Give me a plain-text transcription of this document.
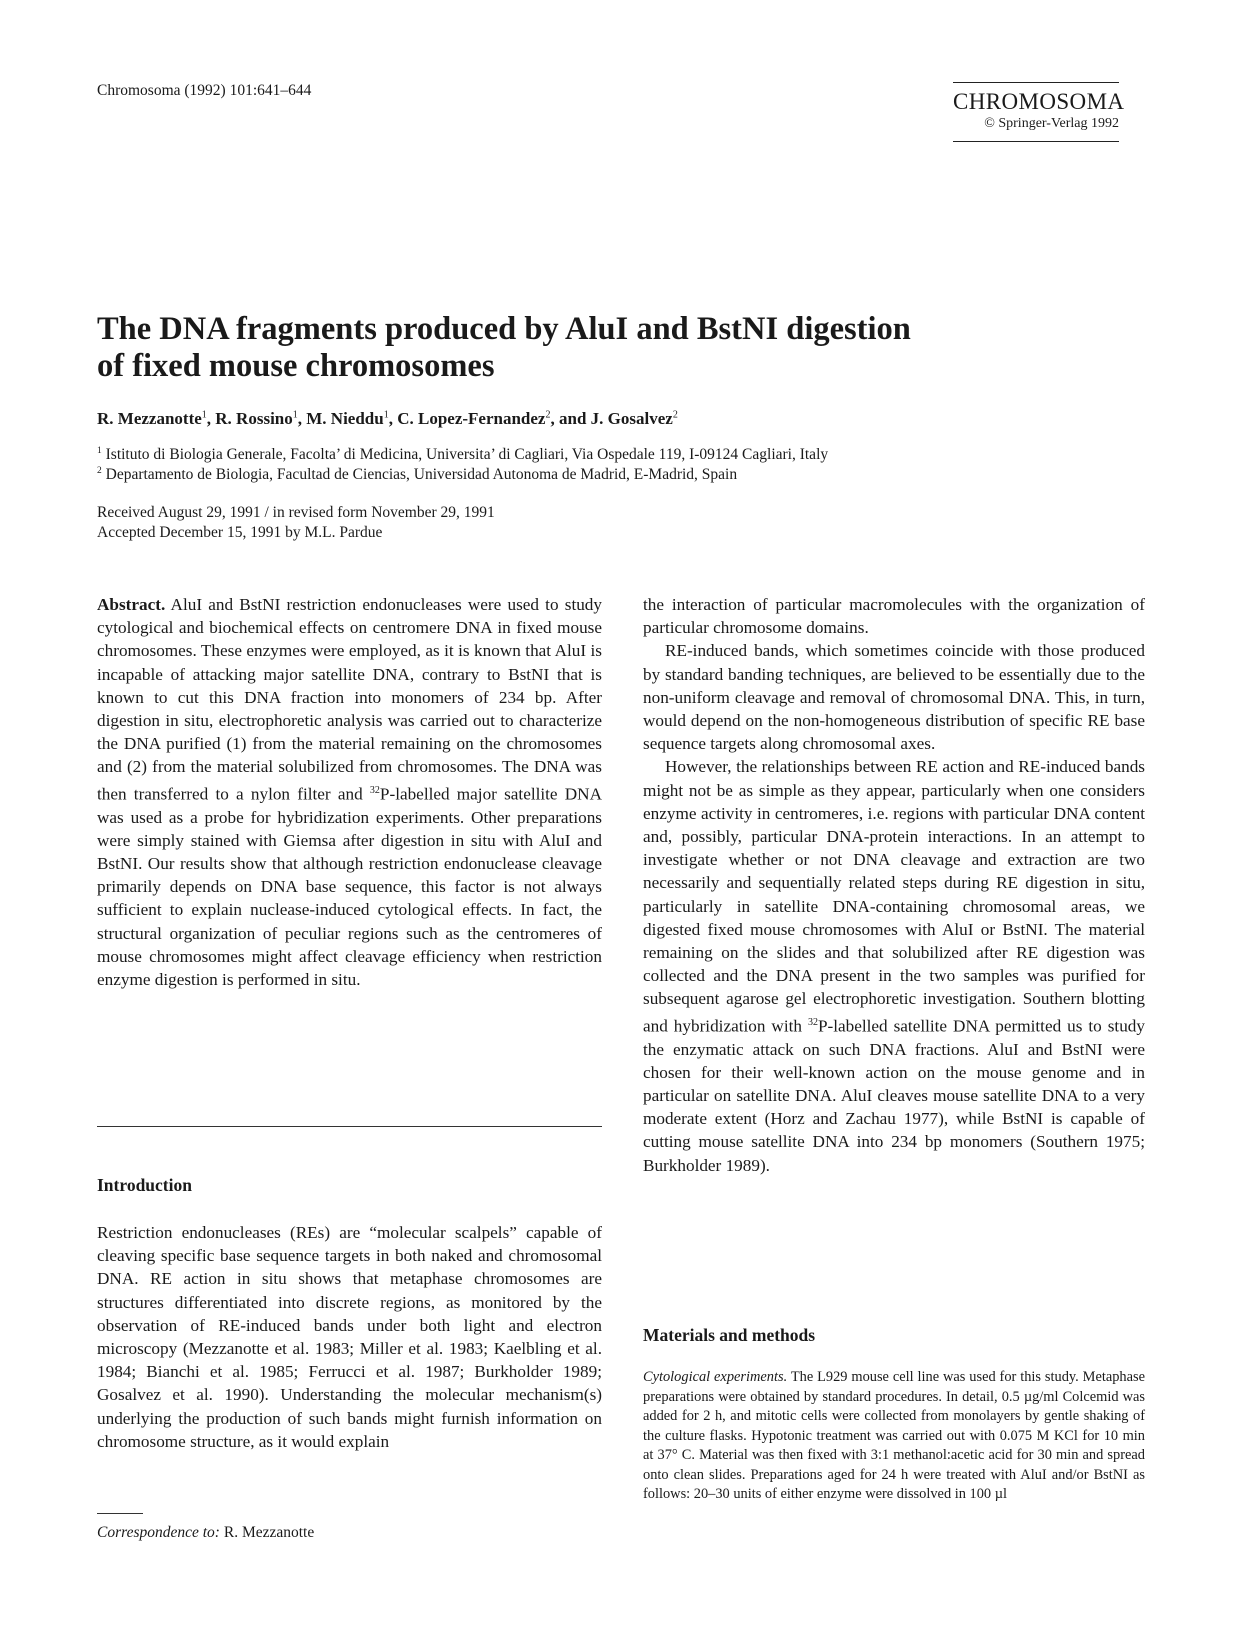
Chromosoma (1992) 101:641–644	CHROMOSOMA
© Springer-Verlag 1992
The DNA fragments produced by AluI and BstNI digestion
of fixed mouse chromosomes
R. Mezzanotte$^1$, R. Rossino$^1$, M. Nieddu$^1$, C. Lopez-Fernandez$^2$, and J. Gosalvez$^2$
$^1$ Istituto di Biologia Generale, Facolta’ di Medicina, Universita’ di Cagliari, Via Ospedale 119, I-09124 Cagliari, Italy
$^2$ Departamento de Biologia, Facultad de Ciencias, Universidad Autonoma de Madrid, E-Madrid, Spain
Received August 29, 1991 / in revised form November 29, 1991
Accepted December 15, 1991 by M.L. Pardue

Abstract. AluI and BstNI restriction endonucleases were used to study cytological and biochemical effects on centromere DNA in fixed mouse chromosomes. These enzymes were employed, as it is known that AluI is incapable of attacking major satellite DNA, contrary to BstNI that is known to cut this DNA fraction into monomers of 234 bp. After digestion in situ, electrophoretic analysis was carried out to characterize the DNA purified (1) from the material remaining on the chromosomes and (2) from the material solubilized from chromosomes. The DNA was then transferred to a nylon filter and $^{32}$P-labelled major satellite DNA was used as a probe for hybridization experiments. Other preparations were simply stained with Giemsa after digestion in situ with AluI and BstNI. Our results show that although restriction endonuclease cleavage primarily depends on DNA base sequence, this factor is not always sufficient to explain nuclease-induced cytological effects. In fact, the structural organization of peculiar regions such as the centromeres of mouse chromosomes might affect cleavage efficiency when restriction enzyme digestion is performed in situ.

Introduction

Restriction endonucleases (REs) are “molecular scalpels” capable of cleaving specific base sequence targets in both naked and chromosomal DNA. RE action in situ shows that metaphase chromosomes are structures differentiated into discrete regions, as monitored by the observation of RE-induced bands under both light and electron microscopy (Mezzanotte et al. 1983; Miller et al. 1983; Kaelbling et al. 1984; Bianchi et al. 1985; Ferrucci et al. 1987; Burkholder 1989; Gosalvez et al. 1990). Understanding the molecular mechanism(s) underlying the production of such bands might furnish information on chromosome structure, as it would explain

the interaction of particular macromolecules with the organization of particular chromosome domains.

RE-induced bands, which sometimes coincide with those produced by standard banding techniques, are believed to be essentially due to the non-uniform cleavage and removal of chromosomal DNA. This, in turn, would depend on the non-homogeneous distribution of specific RE base sequence targets along chromosomal axes.

However, the relationships between RE action and RE-induced bands might not be as simple as they appear, particularly when one considers enzyme activity in centromeres, i.e. regions with particular DNA content and, possibly, particular DNA-protein interactions. In an attempt to investigate whether or not DNA cleavage and extraction are two necessarily and sequentially related steps during RE digestion in situ, particularly in satellite DNA-containing chromosomal areas, we digested fixed mouse chromosomes with AluI or BstNI. The material remaining on the slides and that solubilized after RE digestion was collected and the DNA present in the two samples was purified for subsequent agarose gel electrophoretic investigation. Southern blotting and hybridization with $^{32}$P-labelled satellite DNA permitted us to study the enzymatic attack on such DNA fractions. AluI and BstNI were chosen for their well-known action on the mouse genome and in particular on satellite DNA. AluI cleaves mouse satellite DNA to a very moderate extent (Horz and Zachau 1977), while BstNI is capable of cutting mouse satellite DNA into 234 bp monomers (Southern 1975; Burkholder 1989).

Materials and methods
Cytological experiments. The L929 mouse cell line was used for this study. Metaphase preparations were obtained by standard procedures. In detail, 0.5 µg/ml Colcemid was added for 2 h, and mitotic cells were collected from monolayers by gentle shaking of the culture flasks. Hypotonic treatment was carried out with 0.075 M KCl for 10 min at 37° C. Material was then fixed with 3:1 methanol:acetic acid for 30 min and spread onto clean slides. Preparations aged for 24 h were treated with AluI and/or BstNI as follows: 20–30 units of either enzyme were dissolved in 100 µl
Correspondence to: R. Mezzanotte
